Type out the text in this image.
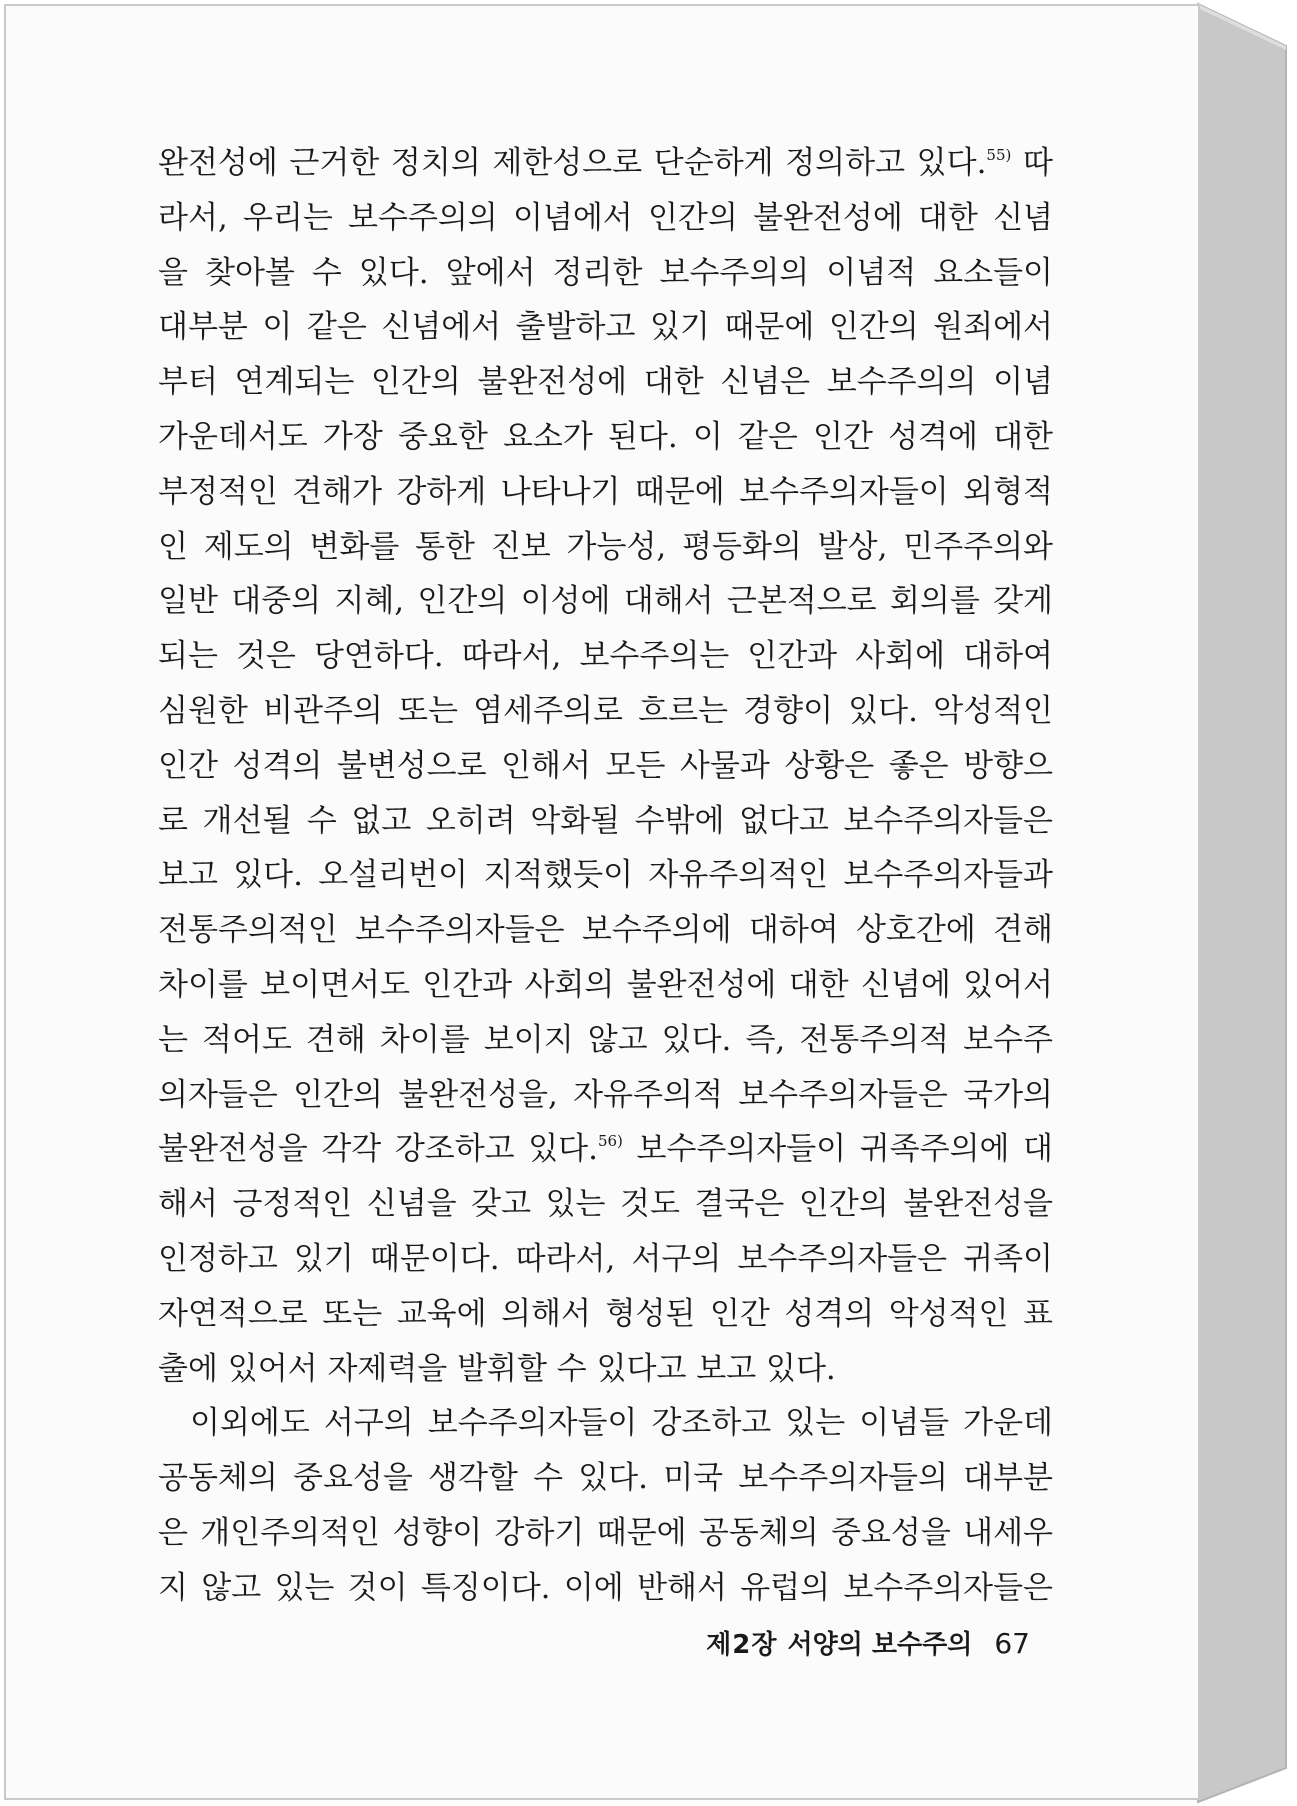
완전성에 근거한 정치의 제한성으로 단순하게 정의하고 있다.$^{55)}$ 따
라서, 우리는 보수주의의 이념에서 인간의 불완전성에 대한 신념
을 찾아볼 수 있다. 앞에서 정리한 보수주의의 이념적 요소들이
대부분 이 같은 신념에서 출발하고 있기 때문에 인간의 원죄에서
부터 연계되는 인간의 불완전성에 대한 신념은 보수주의의 이념
가운데서도 가장 중요한 요소가 된다. 이 같은 인간 성격에 대한
부정적인 견해가 강하게 나타나기 때문에 보수주의자들이 외형적
인 제도의 변화를 통한 진보 가능성, 평등화의 발상, 민주주의와
일반 대중의 지혜, 인간의 이성에 대해서 근본적으로 회의를 갖게
되는 것은 당연하다. 따라서, 보수주의는 인간과 사회에 대하여
심원한 비관주의 또는 염세주의로 흐르는 경향이 있다. 악성적인
인간 성격의 불변성으로 인해서 모든 사물과 상황은 좋은 방향으
로 개선될 수 없고 오히려 악화될 수밖에 없다고 보수주의자들은
보고 있다. 오설리번이 지적했듯이 자유주의적인 보수주의자들과
전통주의적인 보수주의자들은 보수주의에 대하여 상호간에 견해
차이를 보이면서도 인간과 사회의 불완전성에 대한 신념에 있어서
는 적어도 견해 차이를 보이지 않고 있다. 즉, 전통주의적 보수주
의자들은 인간의 불완전성을, 자유주의적 보수주의자들은 국가의
불완전성을 각각 강조하고 있다.$^{56)}$ 보수주의자들이 귀족주의에 대
해서 긍정적인 신념을 갖고 있는 것도 결국은 인간의 불완전성을
인정하고 있기 때문이다. 따라서, 서구의 보수주의자들은 귀족이
자연적으로 또는 교육에 의해서 형성된 인간 성격의 악성적인 표
출에 있어서 자제력을 발휘할 수 있다고 보고 있다.
이외에도 서구의 보수주의자들이 강조하고 있는 이념들 가운데
공동체의 중요성을 생각할 수 있다. 미국 보수주의자들의 대부분
은 개인주의적인 성향이 강하기 때문에 공동체의 중요성을 내세우
지 않고 있는 것이 특징이다. 이에 반해서 유럽의 보수주의자들은
제2장 서양의 보수주의 67
